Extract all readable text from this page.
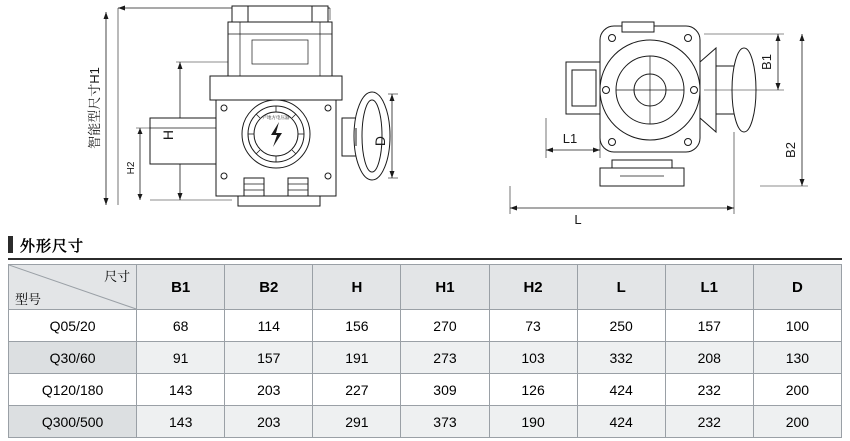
产地方电压器
智能型尺寸H1	H
H2
D
B1
B2
L1
L
外形尺寸
尺寸
型号	B1	B2	H	H1	H2	L	L1	D
Q05/20	68	114	156	270	73	250	157	100
Q30/60	91	157	191	273	103	332	208	130
Q120/180	143	203	227	309	126	424	232	200
Q300/500	143	203	291	373	190	424	232	200
